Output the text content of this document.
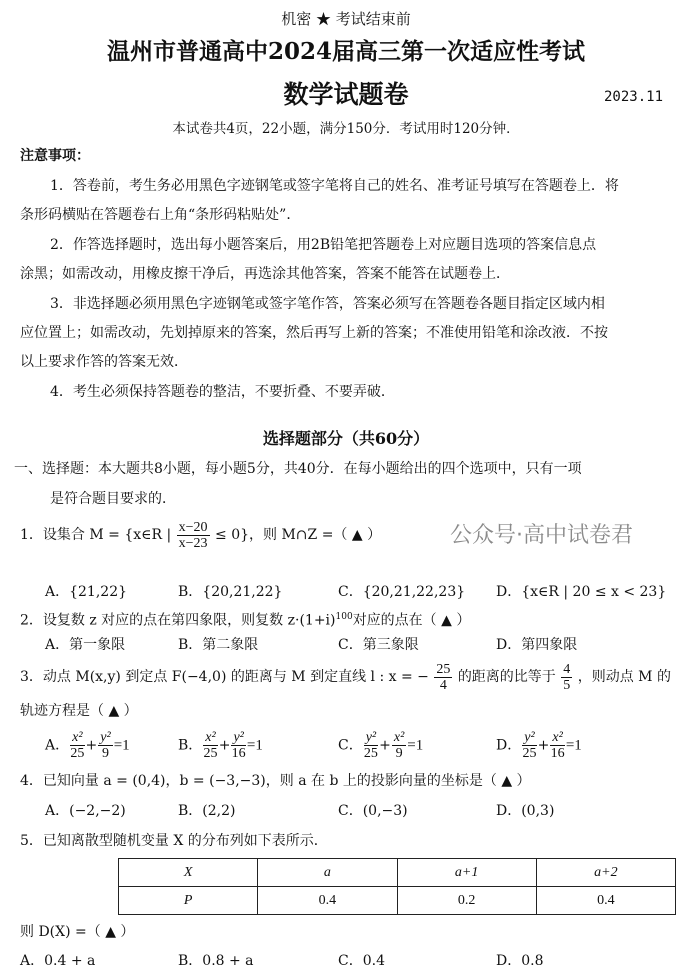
机密 ★ 考试结束前
温州市普通高中2024届高三第一次适应性考试
数学试题卷	2023.11
本试卷共4页，22小题，满分150分．考试用时120分钟．
注意事项：
1．答卷前，考生务必用黑色字迹钢笔或签字笔将自己的姓名、准考证号填写在答题卷上．将
条形码横贴在答题卷右上角“条形码粘贴处”．
2．作答选择题时，选出每小题答案后，用2B铅笔把答题卷上对应题目选项的答案信息点
涂黑；如需改动，用橡皮擦干净后，再选涂其他答案，答案不能答在试题卷上．
3．非选择题必须用黑色字迹钢笔或签字笔作答，答案必须写在答题卷各题目指定区域内相
应位置上；如需改动，先划掉原来的答案，然后再写上新的答案；不准使用铅笔和涂改液．不按
以上要求作答的答案无效．
4．考生必须保持答题卷的整洁，不要折叠、不要弄破．
选择题部分（共60分）
一、选择题：本大题共8小题，每小题5分，共40分．在每小题给出的四个选项中，只有一项
是符合题目要求的．
1．设集合 M = {x∈R | $\frac{x-20}{x-23} \le 0$}，则 M∩Z =（ ▲ ）	公众号·高中试卷君
A．{21,22}	B．{20,21,22}	C．{20,21,22,23} D．{x∈R | 20 ≤ x < 23}
2．设复数 z 对应的点在第四象限，则复数 $z\cdot(1+i)^{100}$对应的点在（ ▲ ）
A．第一象限	B．第二象限	C．第三象限	D．第四象限
3．动点 M(x,y) 到定点 F(−4,0) 的距离与 M 到定直线 l : x = − $\frac{25}{4}$ 的距离的比等于 $\frac{4}{5}$ ，则动点 M 的
轨迹方程是（ ▲ ）
A． $\frac{\text{x²}}{25} + \frac{\text{y²}}{9} =1$	B． $\frac{\text{x²}}{25} + \frac{\text{y²}}{16} =1$	C． $\frac{\text{y²}}{25} + \frac{\text{x²}}{9} =1$	D． $\frac{\text{y²}}{25} + \frac{\text{x²}}{16} =1$
4．已知向量 a = (0,4)，b = (−3,−3)，则 a 在 b 上的投影向量的坐标是（ ▲ ）
A．(−2,−2)	B．(2,2)	C．(0,−3)	D．(0,3)
5．已知离散型随机变量 X 的分布列如下表所示．
X	a	a+1	a+2
P	0.4	0.2	0.4
则 D(X) =（ ▲ ）
A．0.4 + a	B．0.8 + a	C．0.4	D．0.8
